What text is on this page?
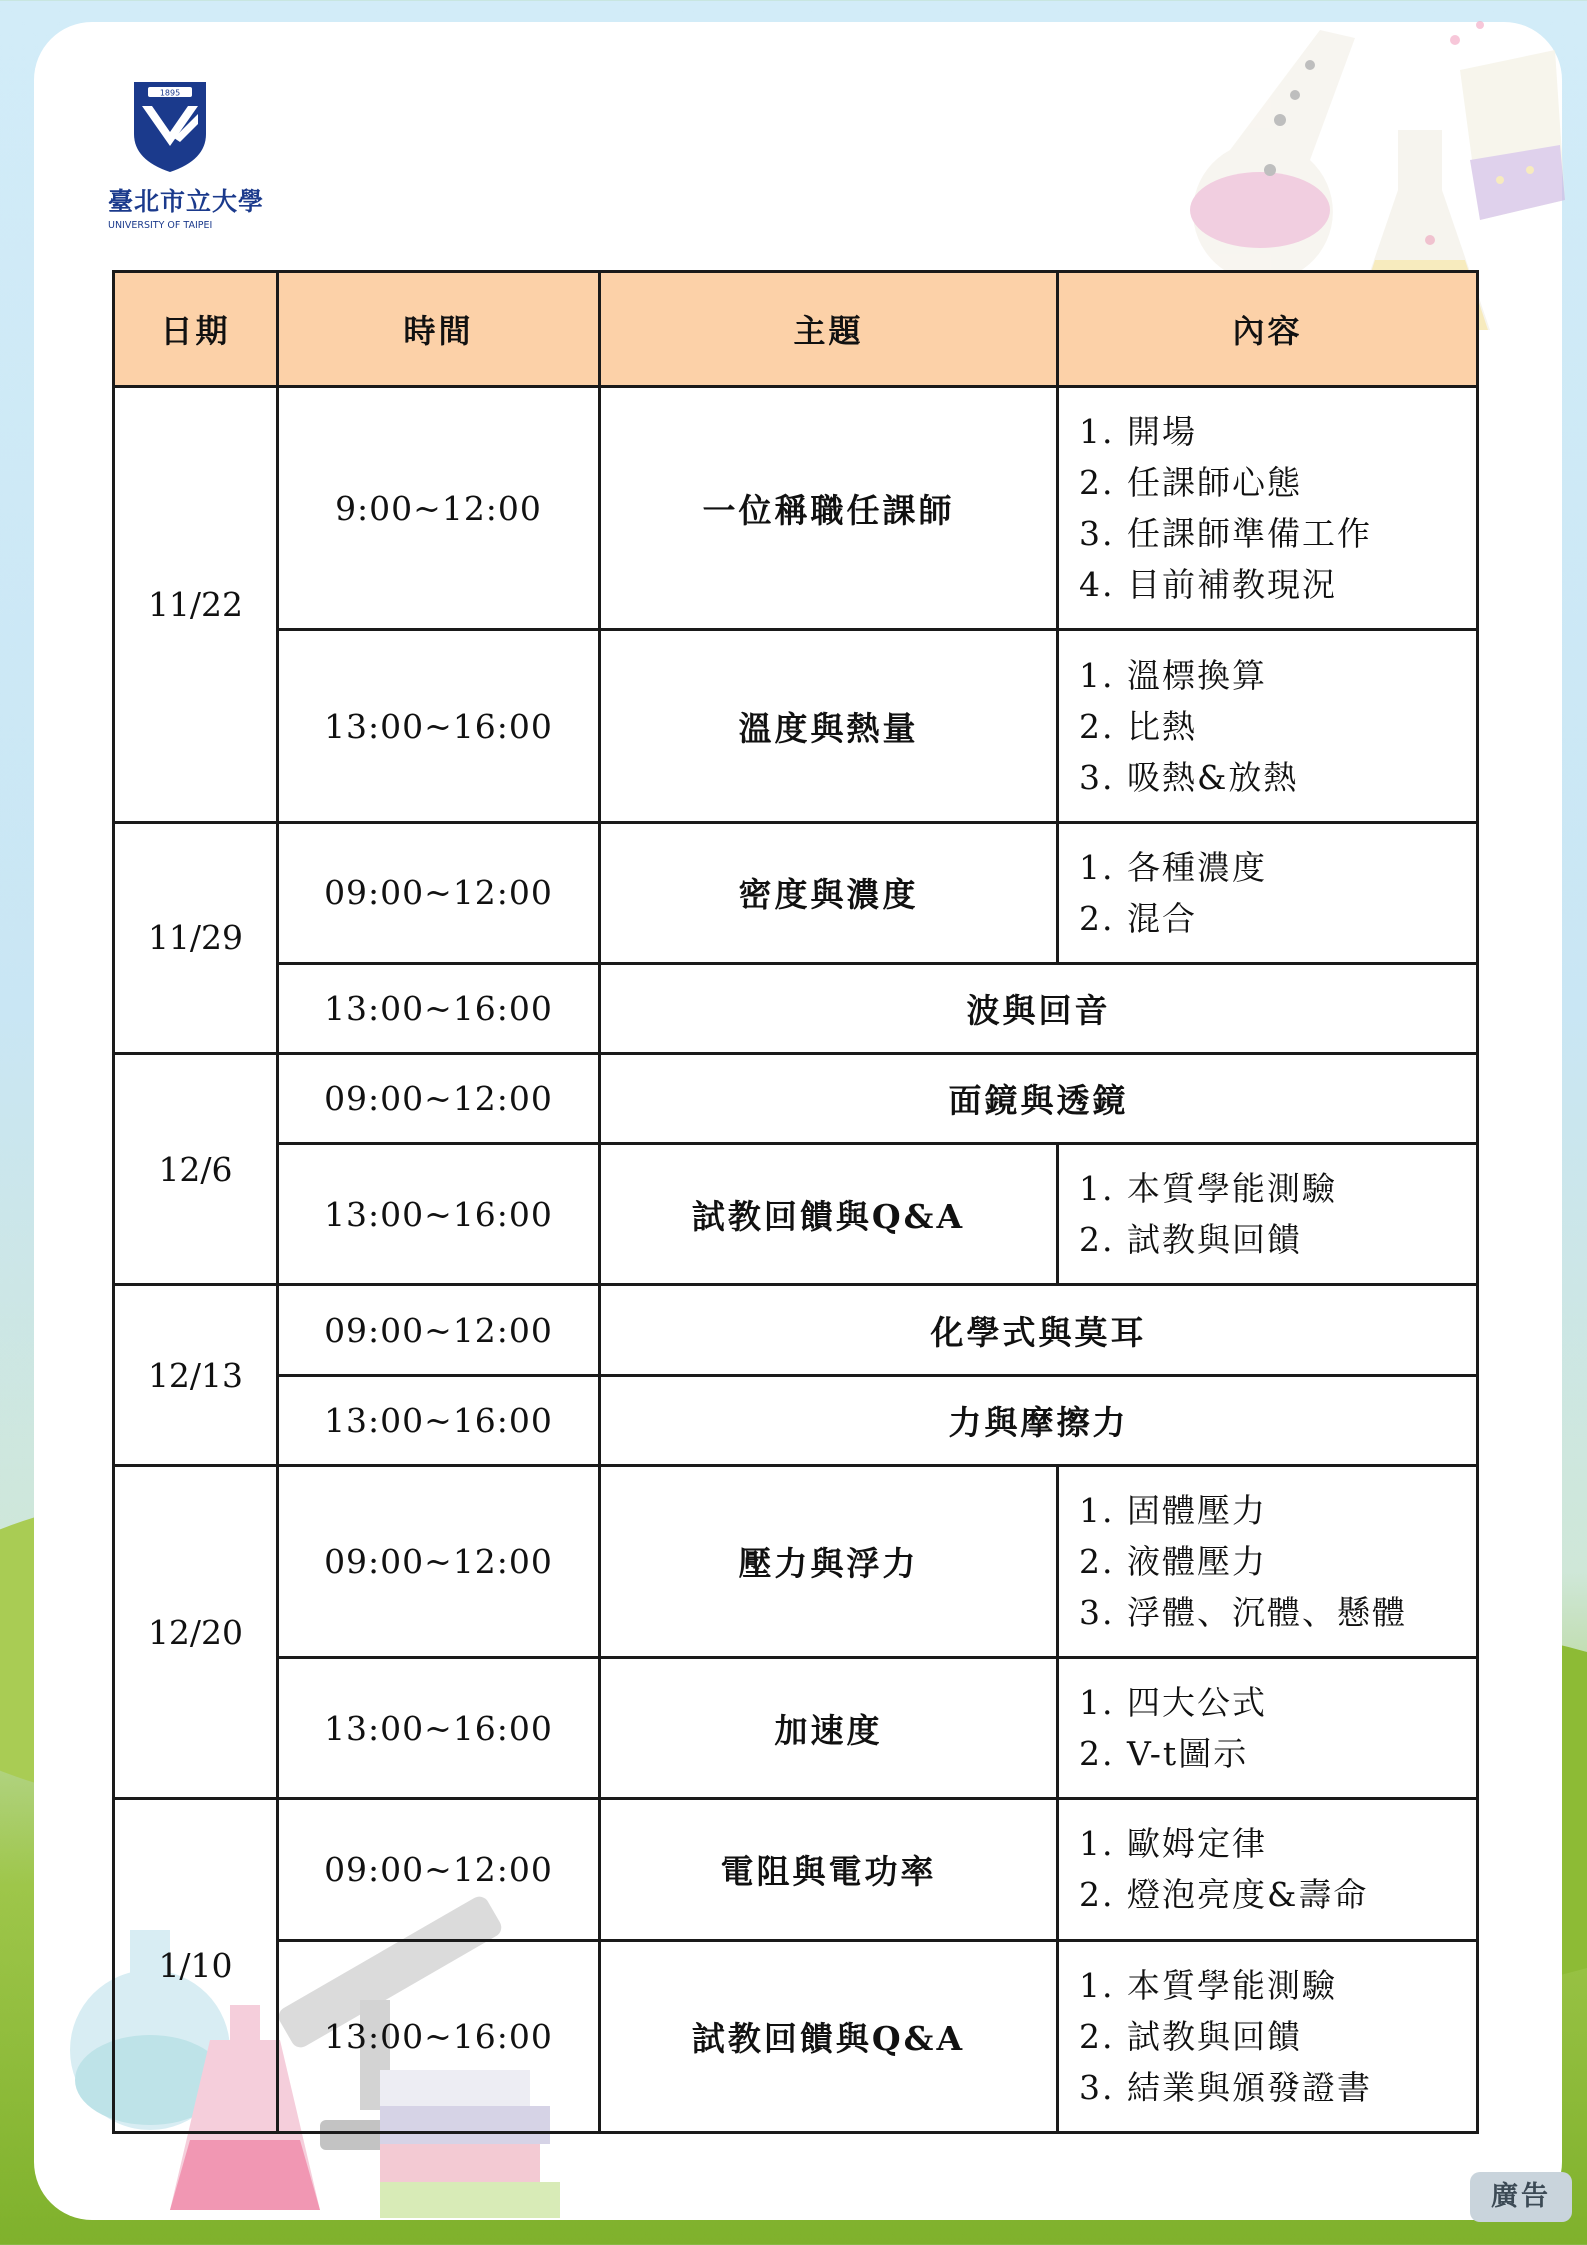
1895
臺北市立大學
UNIVERSITY OF TAIPEI
日期	時間	主題	內容
11/22	9:00~12:00	一位稱職任課師	1. 開場
2. 任課師心態
3. 任課師準備工作
4. 目前補教現況

	13:00~16:00	溫度與熱量	1. 溫標換算
2. 比熱
3. 吸熱&放熱

11/29	09:00~12:00	密度與濃度	1. 各種濃度
2. 混合

	13:00~16:00	波與回音	
12/6	09:00~12:00	面鏡與透鏡	
	13:00~16:00	試教回饋與Q&A	1. 本質學能測驗
2. 試教與回饋

12/13	09:00~12:00	化學式與莫耳	
	13:00~16:00	力與摩擦力	
12/20	09:00~12:00	壓力與浮力	1. 固體壓力
2. 液體壓力
3. 浮體、沉體、懸體

	13:00~16:00	加速度	1. 四大公式
2. V-t圖示

1/10	09:00~12:00	電阻與電功率	1. 歐姆定律
2. 燈泡亮度&壽命

	13:00~16:00	試教回饋與Q&A	1. 本質學能測驗
2. 試教與回饋
3. 結業與頒發證書
廣告
